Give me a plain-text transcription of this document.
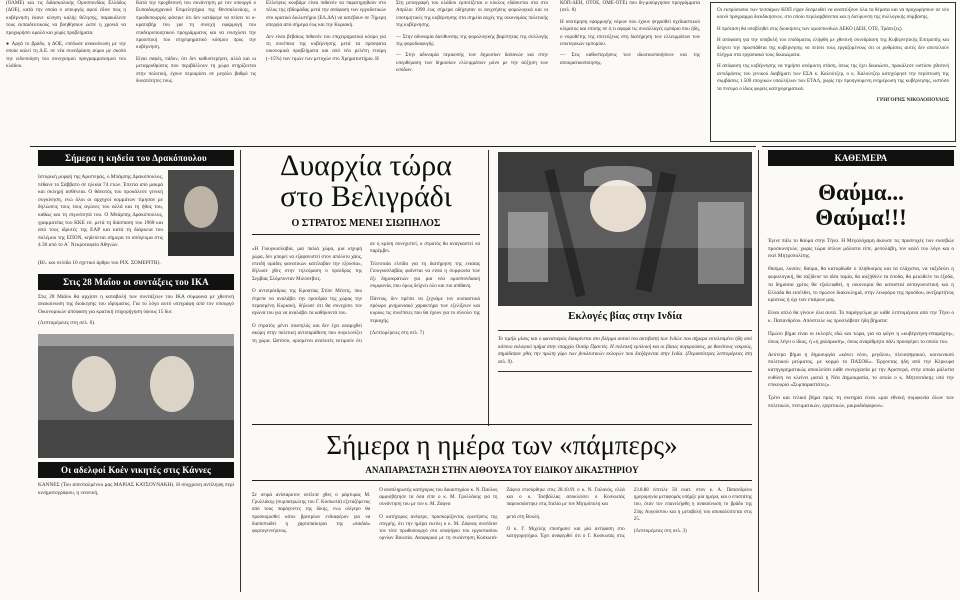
(ΟΛΜΕ) και τις διδασκαλικής Ομοσπονδίας Ελλάδος (ΔΟΕ), κατά την οποία ο υπουργός αφού έδινε πως η κυβέρνηση έκανε κίνηση καλής θέλησης, παρακάλεσε τους εκπαιδευτικούς να βοηθήσουν ώστε η χρονιά να προχωρήσει ομαλά και χωρίς προβλήματα.

● Αργά το βράδυ, η ΔΟΕ, επέδωσε ανακοίνωση με την οποία καλεί τη Δ.Ε. σε νέα συνεδρίαση αύριο με σκοπό την ειδοποίηση του συνεχισμού προγραμματισμού του κλάδου.

Κατά την προχθεσινή του συνάντηση με τον υπουργό ο Ευπαιδομηχανικό Επιμελητήρια της Θεσσαλονίκης, ο πρωθυπουργός φάνηκε ότι δεν κατάφερε να πείσει το ο-κρατοβήρ του για τη συνεχή εφαρμογή του επαδειροποιητικού προγράμματος και να ενισχύσει την προοπτική του επιχειρηματικό κόσμου προς την κυβέρνηση.

Είναι σαφές, πάδον, ότι δεν καθυστερήσει, αλλά και οι μεταρρυθμίσεις που περιβάλλουν τη χώρα στηρίζονται στην πολιτική, έχουν περιορίσει σε μεγάλο βαθμό τις δυνατότητες τους.

Ελλείψεις κουβάμε είναι πιθανόν να παρατηρηθούν στο τέλος της εβδομάδας μετά την απόφαση των εργοδοτικών στο κρατικό διυλιστήριο (ΕΛ.ΔΑ) να κατέβουν σε 7ήμερη απεργία από σήμερα έως και την Κυριακή.

Δεν είναι βεβαίως πιθανόν του επιχειρηματικό κόσμο για τη συνέπεια της κυβέρνησης μετά τα πρόσφατα οικονομικά προβλήματα και από νέα μελέτη ετοίμη (~15%) των τιμών των μετοχών στο Χρηματιστήριο. Η

Στη μεταγραφή του κλάδου εμποτίζεται ο κύκλος εδάσκεται στα στο Απρίλιο 1990 έως σήμερα οδήγησαν οι ανιχνήσεις φορολογικά και οι υποτιμητικές της κυβέρνησης στα σημεία αυχές της οικονομίας πολιτικής της κυβέρνησης.

— Στην αδυναμία διεύθυνσης της φορολογικής βαρύτητας της συλλογής της φοροδιαφυγής.

— Στην αδυναμία περικοπής των δημοσίων δαπανών και στην υπερθέμαση των δημοσίων ελλειμμάτων μόνο με την αύξηση των εσόδων.

ΚΟΠ-ΔΕΗ, ΟΤΟΕ, ΟΜΕ-ΟΤΕ) που δη-μιούργησαν προγράμματα (σελ. 8)

Η υποτίμηση εφαρμογής νόμων που έχουν ψηφισθεί σχεδιαστικού κλίματος και επίσης σε ό,τι αφορά τις συναλλαγές εμπόριο που ήδη, ο νομοθέτης της επιτεύξεως στη διατήρηση των ελλειμμάτων των εσωτερικών εμπορίου.

— Στις καθυστερήσεις των ιδιωτικοποιήσεων και της αποκρατικοποίησης.

Οι εκπρόσωποι των τεσσάρων ΚΟΠ είχαν δεσμευθεί να αναπτύξουν όλα τα θέματα και να προχωρήσουν σε νέο κοινό πρόγραμμα διεκδικήσεων, στο οποίο περιλαμβάνεται και η διεύρυνση της συλλογικής σύμβασης.

Η πρόταση θα υποβληθεί στις διοικήσεις των ομοσπονδιών ΔΕΚΟ (ΔΕΗ, ΟΤΕ, Τράπεζες).

Η απόφαση για την υποβολή του επιδόματος ελήφθη με χθεσινή συνεδρίαση της Κυβερνητικής Επιτροπής και δείχνει την προσπάθεια της κυβέρνησης να πείσει τους εργαζομένους ότι οι ρυθμίσεις αυτές δεν αποτελούν πλήγμα στα εργασιακά τους δικαιώματα.

Η απόφαση της κυβέρνησης να τηρήσει ανάμικτη στάση, όπως της έχει δικαιώσει, προκάλεσε ωστόσο χθεσινή αντιδράσεις του γενικού διαβήματι των ΕΣΑ κ. Καλούτζερ, ο κ. Καλούτζερ κατηγόρησε την περίπτωση της συμβάσεις 1.500 εποχικών υπαλλήλων των ΕΤΑΛ, χωρίς την προηγούμενη ενημέρωση της κυβέρνησης, ωστόσο τα πνεύμα ο ίδιος φορείς κατηγορηματικά.

ΓΡΗΓΟΡΗΣ ΝΙΚΟΛΟΠΟΥΛΟΣ
Σήμερα η κηδεία του Δρακόπουλου
Ιστορική μορφή της Αριστεράς, ο Μπάμπης Δρακόπουλος, πέθανε το Σάββατο σε ηλικία 74 ετών. Έπειτα από μακρά και σκληρή ασθένεια. Ο θάνατός του προκάλεσε γενική συγκίνηση, ενώ όλοι οι αρχηγοί κομμάτων τίμησαν με δηλώσεις τους τους αγώνες του αλλά και τη ήθος του, καθώς και τη σεμνότητά του. Ο Μπάμπης Δρακόπουλος, γραμματέας του ΚΚΕ εσ. μετά τη διάσπαση του 1968 και από τους ιδρυτές της ΕΑΡ και κατά τη διάρκεια του πολέμου της ΕΠΟΝ, κηδεύεται σήμερα το απόγευμα στις 4.30 από το Α΄ Νεκροταφείο Αθηνών.
(Βλ. και σελίδα 10 σχετικό άρθρο του ΡΙΧ. ΣΟΜΕΡΙΤΗ).
Στις 28 Μαΐου οι συντάξεις του ΙΚΑ
Στις 28 Μαΐου θα αρχίσει η καταβολή των συντάξεων του ΙΚΑ σύμφωνα με χθεσινή ανακοίνωση της διοίκησης του ιδρύματος. Για το λόγο αυτό υπεγράφη από τον υπουργό Οικονομικών απόφαση για κρατική επιχορήγηση ύψους 15 δισ.
(Λεπτομέρειες στη σελ. 6).
Οι αδελφοί Κοέν νικητές στις Κάννες
ΚΑΝΝΕΣ (Του απεσταλμένου μας ΜΑΡΙΑΣ ΚΑΤΣΟΥΝΑΚΗ). Η σύγχρονη αντίληψη περί κινηματογράφου, η νεανική,
Δυαρχία τώρα
στο Βελιγράδι
Ο ΣΤΡΑΤΟΣ ΜΕΝΕΙ ΣΙΩΠΗΛΟΣ

«Η Γιουγκοσλαβία, μια παλιά χώρα, μια ισχυρή χώρα, δεν μπορεί να εξαφανιστεί στον απόλυτο χάος, επειδή ομάδες φανατικών κατέλαβαν την εξουσία», δήλωσε χθες στην τηλεόραση ο πρόεδρος της Σερβίας Σλόμπονταν Μιλόσεβιτς.

Ο αντιπρόεδρος της Κροατίας Στίπε Μέσιτς, που έπρεπε να αναλάβει την προεδρία της χώρας την περασμένη Κυριακή, δήλωσε ότι θα συνεχίσει τον αγώνα του για να αναλάβει τα καθήκοντά του.

Ο στρατός μένει σιωπηλός και δεν έχει αναμιχθεί ακόμη στην πολιτική αντιπαράθεση που συγκλονίζει τη χώρα. Ωστόσο, ορισμένοι αναλυτές εκτιμούν ότι αν η κρίση συνεχιστεί, ο στρατός θα αναγκαστεί να παρέμβει.

Τελευταία ελπίδα για τη διατήρηση της ενιαίας Γιουγκοσλαβίας φαίνεται να είναι η συμφωνία των έξι δημοκρατιών για μια νέα ομοσπονδιακή συμφωνία, που όμως δείχνει όλο και πιο απίθανη.

Πάντως, δεν πρέπει να ξεχνάμε τον ουσιαστικά πρόωρο μνημονιακό χαρακτήρα των εξελίξεων και κυρίως τις συνέπειες που θα έχουν για το σύνολο της περιοχής.

(Λεπτομέρειες στη σελ. 7)

Εκλογές βίας στην Ινδία
Το τιμήλι μίσος και ο φανατισμός διακρίνεται στο βλέμμα αυτού του ακτιβιστή των Ινδών που σήμερα εκτελεσμένο ήδη από κάποιο εκλογικό τμήμα στην επαρχία Ουτάρ Πραντές. Η πολιτική εμπλοκή και οι βίαιες συγκρούσεις, με θανάτους νεκρούς, σημάδεψαν χθες την πρώτη γύρο των βουλευτικών εκλογών που διεξάγονται στην Ινδία. (Περισσότερες λεπτομέρειες στη σελ. 9).
ΚΑΘΕΜΕΡΑ
Θαύμα...
Θαύμα!!!

Έγινε πάλι το θαύμα στην Τήνο. Η Μεγαλόχαρη άκουσε τις προσευχές των ευσεβών προσκυνητών, χωρίς τώρα όπλων μάλιστα είπε, μεσολάβη, τον καλό του λόγο και ο εκεί Μητροπολίτης.

Θαύμα, λοιπόν, θαύμα, θα κατορθώθε ο πληθυσμός και τα ελάχιστα, να ταξιδεύει η φορολογική, θα ταξίδευε τα ιδέα ταμία, δα αυξήθελν τα έσοδα, θα μειώθελν τα έξοδα, τα δημόσια χρέος θα εξαλειφθεί, η οικονομία θα κατασταί ανταγωνιστική και η Ελλάδα θα εισέλθει, το πρώτον διακεκλημά, στην λεωφόρο της προόδου, ανεξαρτήτως κρίσεως ή όχι των εταίρων μας.

Είναι απλό θα γίνουν όλα αυτά. Το παράγγελμα με κάθε λεπτομέρεια από την Τήνο ο κ. Παπανδρέου. Απόστειλε ως προσλάβεσε ήδη βήματα:

Πρώτο βήμα είναι οι εκλογές εδώ και τώρα, για να φύγει η «κυβέρνηση-σπαράχτη», όπως λέγει ο ίδιος, ή «η χαλάρωση», όπως αναρίθμητο πάλι προσφέρει το οποίο του.

Δεύτερο βήμα η δημιουργία «κάνει νέου, μεγάλου, πλειοψηφικού, κοινωνικού πολιτικού ρεύματος, με κορμό το ΠΑΣΟΚ». Έργοντας ήδη από την Κέρκυρα κατηγορηματικώς αποκλείσει κάθε συνεργασία με την Αριστερά, στην οποία μάλιστα ευθύνη να κλείνει ματιά η Νέα Δημοκρατία, το οποίο ο κ. Μητσοτάκης υπό την επικουρία «Συμπαραστάτες».

Τρίτο και τελικό βήμα προς τη σωτηρία είναι «μια εθνική συμφωνία όλων των πολιτικών, πνευματικών, εργατικών, μικροδιάφορων».

Σήμερα η ημέρα των «πάμπερς»
ΑΝΑΠΑΡΑΣΤΑΣΗ ΣΤΗΝ ΑΙΘΟΥΣΑ ΤΟΥ ΕΙΔΙΚΟΥ ΔΙΚΑΣΤΗΡΙΟΥ

Σε σειρά ανύπαρκτον υπέλιπε χθες ο μάρτυρας Μ. Γρυλλάκης (συμπατριώτης του Γ. Κοσκωτά) εξεταζόμενος από τους παράγοντες της δίκης, ενώ ολίγερο θα προσκομισθεί κάτω βρεσμίων ενδιαφέρον για να διαπιστωθεί η χαρτοπαίκτρια της «παιδιά» φορτογεννήσεως.

Ο αναπληρωτής κατήγορος του Δικαστηρίου κ. Ν. Παύλος αμφισβήτησε τα όσα είπε ο κ. Μ. Γρυλλάκης για τη συνάντηση του με τον κ. Μ. Ζάφνα

Ο κατήγορος ανέφερε, προσκομίζοντας ερωτήσεις της στιγμής, ότι την ημέρα εκείνη ο κ. Μ. Ζάφνας συνέδεσε τον τότε πρωθυπουργό στο υποψήφιο του εργοστασίου ορνίων Βοιωτία. Αναφορικά με τη συνάντηση Κοσκωτά-Ζάφνα επισύρθηκε στις 28.10.91 ο κ. Ν. Γαλανός, ελλά και ο κ. Τασβάλλας αποκλείσει ο Κοσκωτάς παρουσιάστηκε στις Ιταλία με τον Μητρόπολη και

μετά στη Βουλή.

Ο κ. Γ. Μιχελής επισήμανε και μία αντίφαση στο κατηγορητήριο. Έχει αναφερθεί ότι ο Γ. Κοσκωτάς στις 23.8.88 έστειλε 50 εκατ. στον κ. Α. Παπανδρέου ημερομηνία μεταφοράς υπήρξε μία ημέρα, και ο επιστάτης του, όταν τον επανελήφθη η ανακοίνωση το βράδυ της 23ης Αυγούστου και η μεταβολή του αποκαλύπτεται στις 25.

(Λεπτομέρειες στη σελ. 3)
